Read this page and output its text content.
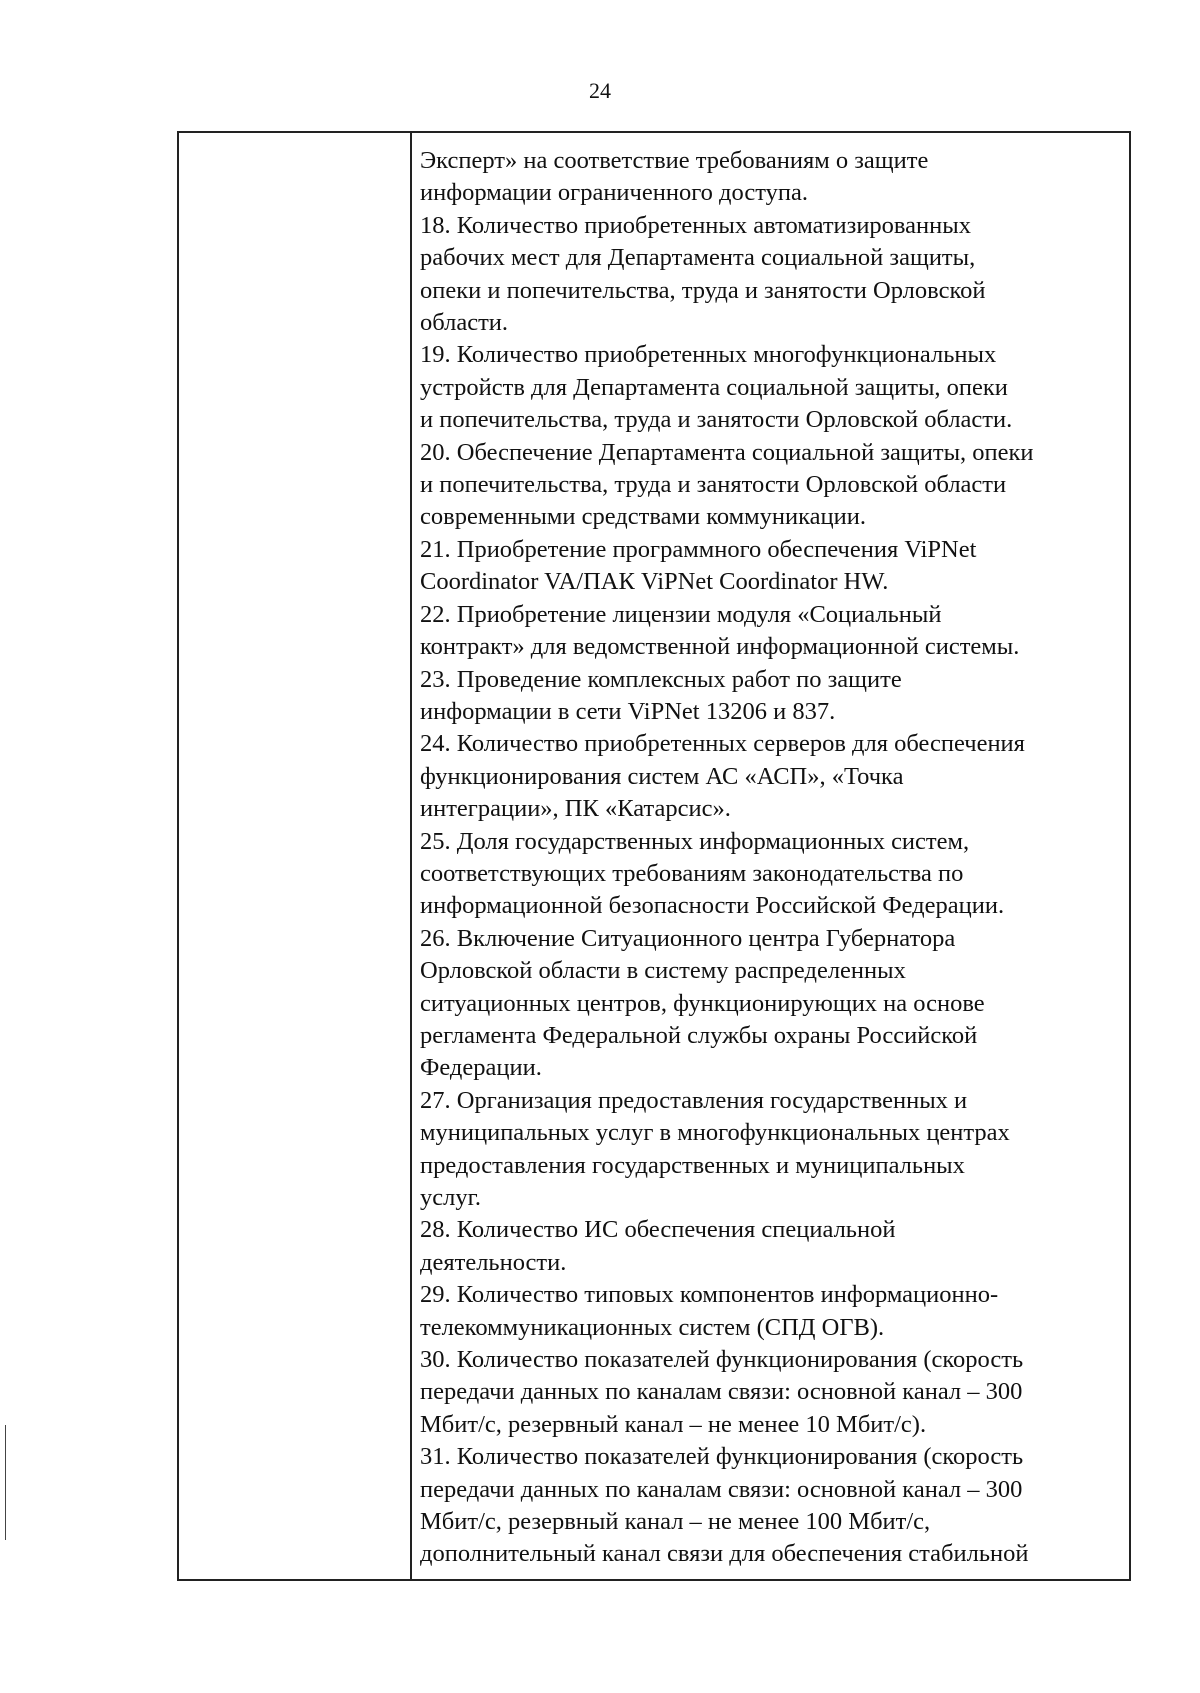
24
Эксперт» на соответствие требованиям о защите
информации ограниченного доступа.
18. Количество приобретенных автоматизированных
рабочих мест для Департамента социальной защиты,
опеки и попечительства, труда и занятости Орловской
области.
19. Количество приобретенных многофункциональных
устройств для Департамента социальной защиты, опеки
и попечительства, труда и занятости Орловской области.
20. Обеспечение Департамента социальной защиты, опеки
и попечительства, труда и занятости Орловской области
современными средствами коммуникации.
21. Приобретение программного обеспечения ViPNet
Coordinator VA/ПАК ViPNet Coordinator HW.
22. Приобретение лицензии модуля «Социальный
контракт» для ведомственной информационной системы.
23. Проведение комплексных работ по защите
информации в сети ViPNet 13206 и 837.
24. Количество приобретенных серверов для обеспечения
функционирования систем АС «АСП», «Точка
интеграции», ПК «Катарсис».
25. Доля государственных информационных систем,
соответствующих требованиям законодательства по
информационной безопасности Российской Федерации.
26. Включение Ситуационного центра Губернатора
Орловской области в систему распределенных
ситуационных центров, функционирующих на основе
регламента Федеральной службы охраны Российской
Федерации.
27. Организация предоставления государственных и
муниципальных услуг в многофункциональных центрах
предоставления государственных и муниципальных
услуг.
28. Количество ИС обеспечения специальной
деятельности.
29. Количество типовых компонентов информационно-
телекоммуникационных систем (СПД ОГВ).
30. Количество показателей функционирования (скорость
передачи данных по каналам связи: основной канал – 300
Мбит/с, резервный канал – не менее 10 Мбит/с).
31. Количество показателей функционирования (скорость
передачи данных по каналам связи: основной канал – 300
Мбит/с, резервный канал – не менее 100 Мбит/с,
дополнительный канал связи для обеспечения стабильной
